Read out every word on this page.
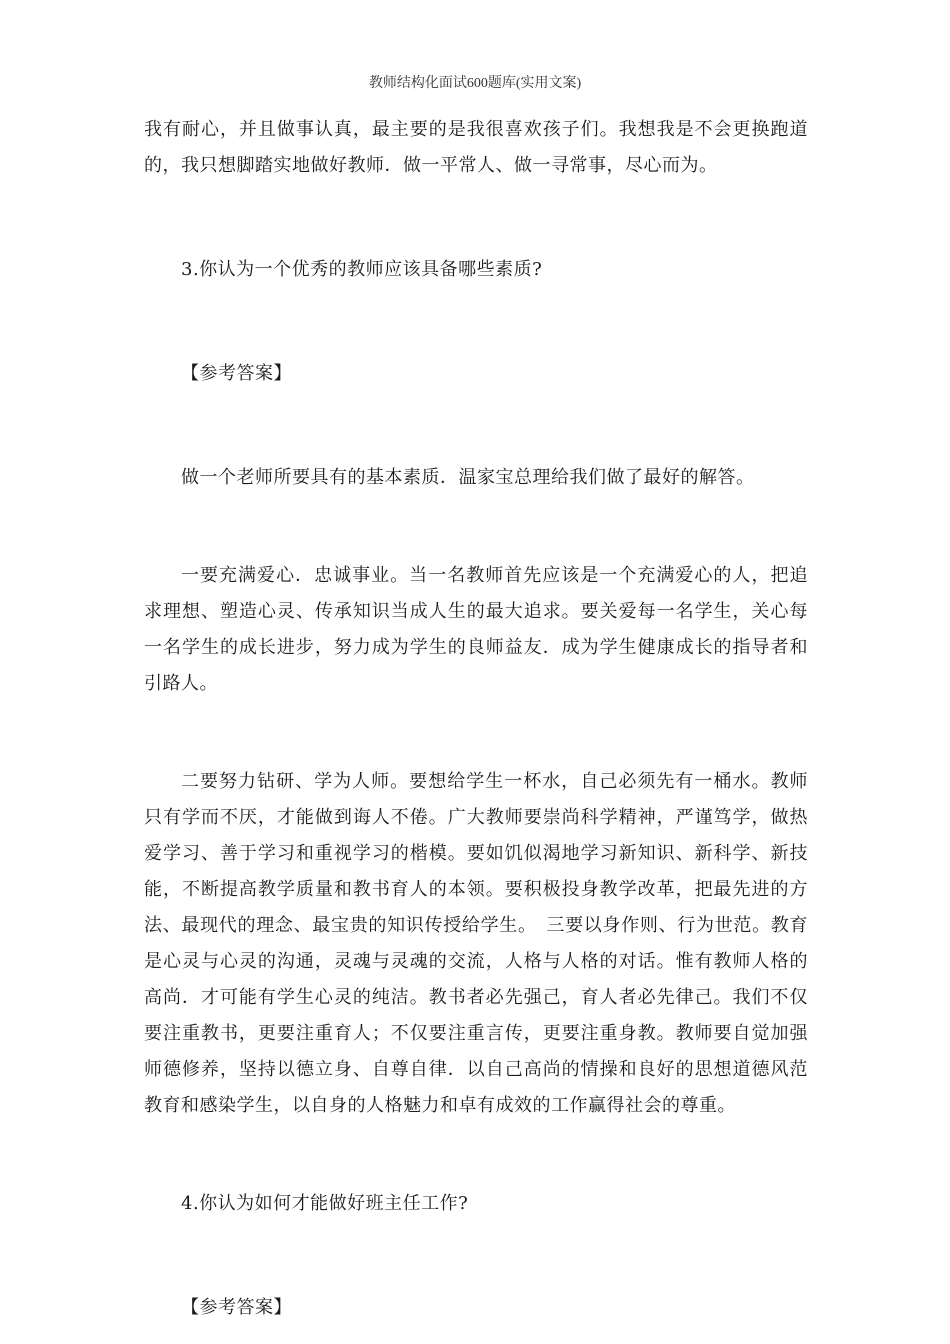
教师结构化面试600题库(实用文案)

我有耐心，并且做事认真，最主要的是我很喜欢孩子们。我想我是不会更换跑道的，我只想脚踏实地做好教师．做一平常人、做一寻常事，尽心而为。

3.你认为一个优秀的教师应该具备哪些素质?

【参考答案】

做一个老师所要具有的基本素质．温家宝总理给我们做了最好的解答。

一要充满爱心．忠诚事业。当一名教师首先应该是一个充满爱心的人，把追求理想、塑造心灵、传承知识当成人生的最大追求。要关爱每一名学生，关心每一名学生的成长进步，努力成为学生的良师益友．成为学生健康成长的指导者和引路人。

二要努力钻研、学为人师。要想给学生一杯水，自己必须先有一桶水。教师只有学而不厌，才能做到诲人不倦。广大教师要崇尚科学精神，严谨笃学，做热爱学习、善于学习和重视学习的楷模。要如饥似渴地学习新知识、新科学、新技能，不断提高教学质量和教书育人的本领。要积极投身教学改革，把最先进的方法、最现代的理念、最宝贵的知识传授给学生。　三要以身作则、行为世范。教育是心灵与心灵的沟通，灵魂与灵魂的交流，人格与人格的对话。惟有教师人格的高尚．才可能有学生心灵的纯洁。教书者必先强己，育人者必先律己。我们不仅要注重教书，更要注重育人；不仅要注重言传，更要注重身教。教师要自觉加强师德修养，坚持以德立身、自尊自律．以自己高尚的情操和良好的思想道德风范教育和感染学生，以自身的人格魅力和卓有成效的工作赢得社会的尊重。

4.你认为如何才能做好班主任工作?

【参考答案】
